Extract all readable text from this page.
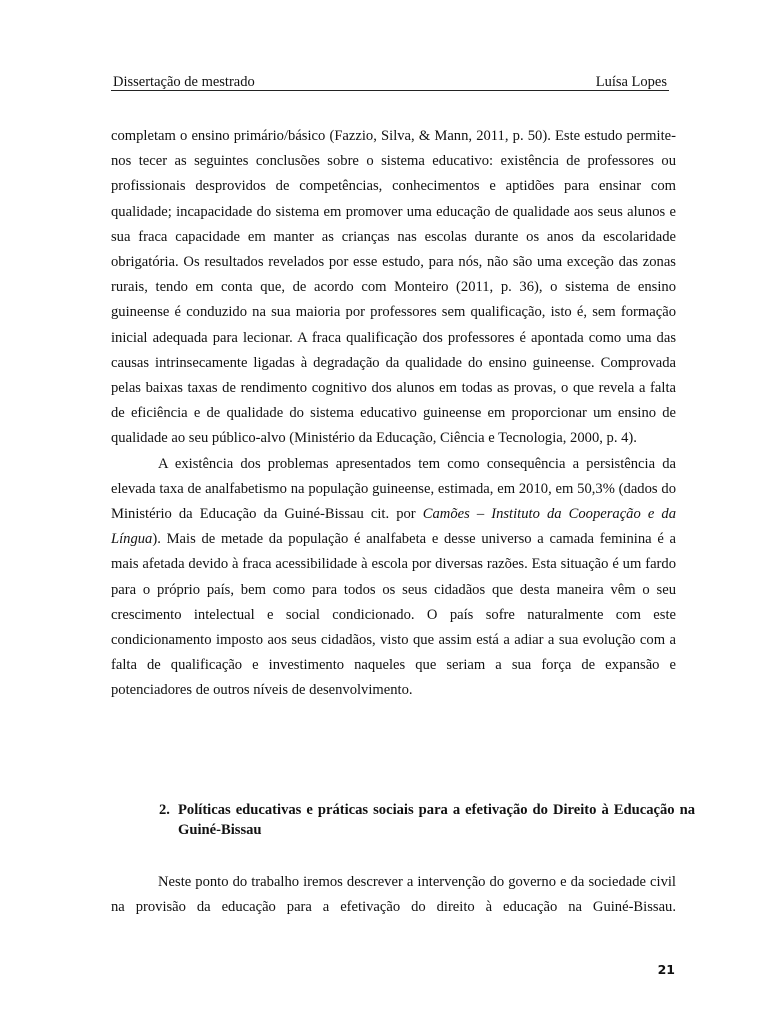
Dissertação de mestrado	Luísa Lopes

completam o ensino primário/básico (Fazzio, Silva, & Mann, 2011, p. 50). Este estudo permite-nos tecer as seguintes conclusões sobre o sistema educativo: existência de professores ou profissionais desprovidos de competências, conhecimentos e aptidões para ensinar com qualidade; incapacidade do sistema em promover uma educação de qualidade aos seus alunos e sua fraca capacidade em manter as crianças nas escolas durante os anos da escolaridade obrigatória. Os resultados revelados por esse estudo, para nós, não são uma exceção das zonas rurais, tendo em conta que, de acordo com Monteiro (2011, p. 36), o sistema de ensino guineense é conduzido na sua maioria por professores sem qualificação, isto é, sem formação inicial adequada para lecionar. A fraca qualificação dos professores é apontada como uma das causas intrinsecamente ligadas à degradação da qualidade do ensino guineense. Comprovada pelas baixas taxas de rendimento cognitivo dos alunos em todas as provas, o que revela a falta de eficiência e de qualidade do sistema educativo guineense em proporcionar um ensino de qualidade ao seu público-alvo (Ministério da Educação, Ciência e Tecnologia, 2000, p. 4).

A existência dos problemas apresentados tem como consequência a persistência da elevada taxa de analfabetismo na população guineense, estimada, em 2010, em 50,3% (dados do Ministério da Educação da Guiné-Bissau cit. por Camões – Instituto da Cooperação e da Língua). Mais de metade da população é analfabeta e desse universo a camada feminina é a mais afetada devido à fraca acessibilidade à escola por diversas razões. Esta situação é um fardo para o próprio país, bem como para todos os seus cidadãos que desta maneira vêm o seu crescimento intelectual e social condicionado. O país sofre naturalmente com este condicionamento imposto aos seus cidadãos, visto que assim está a adiar a sua evolução com a falta de qualificação e investimento naqueles que seriam a sua força de expansão e potenciadores de outros níveis de desenvolvimento.

2. Políticas educativas e práticas sociais para a efetivação do Direito à Educação na Guiné-Bissau

Neste ponto do trabalho iremos descrever a intervenção do governo e da sociedade civil na provisão da educação para a efetivação do direito à educação na Guiné-Bissau.

21
